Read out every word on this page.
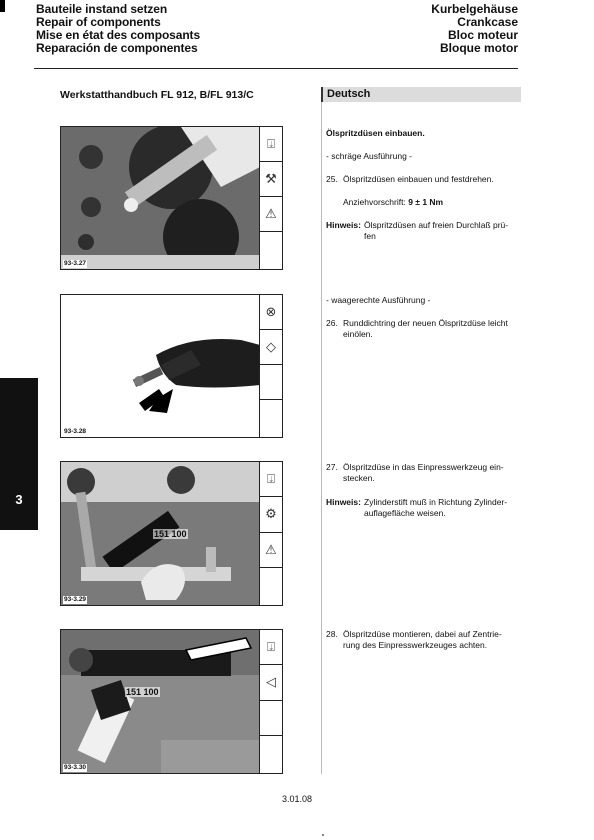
Bauteile instand setzen
Repair of components
Mise en état des composants
Reparación de componentes
Kurbelgehäuse
Crankcase
Bloc moteur
Bloque motor
Werkstatthandbuch FL 912, B/FL 913/C	Deutsch
3
⍗
⚒
⚠
93-3.27
⊗
◇
93-3.28
151 100
⍗
⚙
⚠
93-3.29
151 100
⍗
◁
93-3.30
Ölspritzdüsen einbauen.
- schräge Ausführung -
25. Ölspritzdüsen einbauen und festdrehen.
Anziehvorschrift: 9 ± 1 Nm
Hinweis: Ölspritzdüsen auf freien Durchlaß prü-fen
- waagerechte Ausführung -
26. Runddichtring der neuen Ölspritzdüse leicht einölen.
27. Ölspritzdüse in das Einpresswerkzeug ein-stecken.
Hinweis: Zylinderstift muß in Richtung Zylinder-auflagefläche weisen.
28. Ölspritzdüse montieren, dabei auf Zentrie-rung des Einpresswerkzeuges achten.
3.01.08
